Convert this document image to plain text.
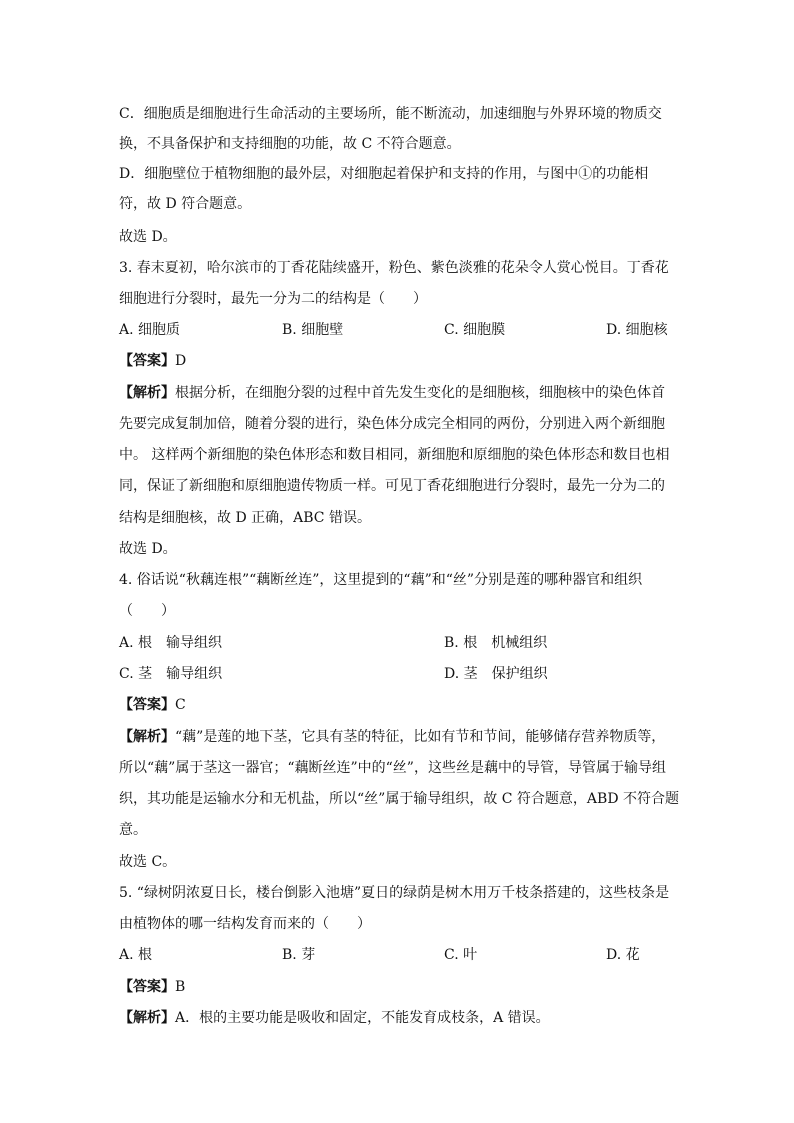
C．细胞质是细胞进行生命活动的主要场所，能不断流动，加速细胞与外界环境的物质交
换，不具备保护和支持细胞的功能，故 C 不符合题意。
D．细胞壁位于植物细胞的最外层，对细胞起着保护和支持的作用，与图中①的功能相
符，故 D 符合题意。
故选 D。
3. 春末夏初，哈尔滨市的丁香花陆续盛开，粉色、紫色淡雅的花朵令人赏心悦目。丁香花
细胞进行分裂时，最先一分为二的结构是（　　）
A. 细胞质	B. 细胞壁	C. 细胞膜	D. 细胞核
【答案】D
【解析】根据分析，在细胞分裂的过程中首先发生变化的是细胞核，细胞核中的染色体首
先要完成复制加倍，随着分裂的进行，染色体分成完全相同的两份，分别进入两个新细胞
中。 这样两个新细胞的染色体形态和数目相同，新细胞和原细胞的染色体形态和数目也相
同，保证了新细胞和原细胞遗传物质一样。可见丁香花细胞进行分裂时，最先一分为二的
结构是细胞核，故 D 正确，ABC 错误。
故选 D。
4. 俗话说“秋藕连根”“藕断丝连”，这里提到的“藕”和“丝”分别是莲的哪种器官和组织
（　　）
A. 根　输导组织	B. 根　机械组织
C. 茎　输导组织	D. 茎　保护组织
【答案】C
【解析】“藕”是莲的地下茎，它具有茎的特征，比如有节和节间，能够储存营养物质等，
所以“藕”属于茎这一器官；“藕断丝连”中的“丝”，这些丝是藕中的导管，导管属于输导组
织，其功能是运输水分和无机盐，所以“丝”属于输导组织，故 C 符合题意，ABD 不符合题
意。
故选 C。
5. “绿树阴浓夏日长，楼台倒影入池塘”夏日的绿荫是树木用万千枝条搭建的，这些枝条是
由植物体的哪一结构发育而来的（　　）
A. 根	B. 芽	C. 叶	D. 花
【答案】B
【解析】A．根的主要功能是吸收和固定，不能发育成枝条，A 错误。
